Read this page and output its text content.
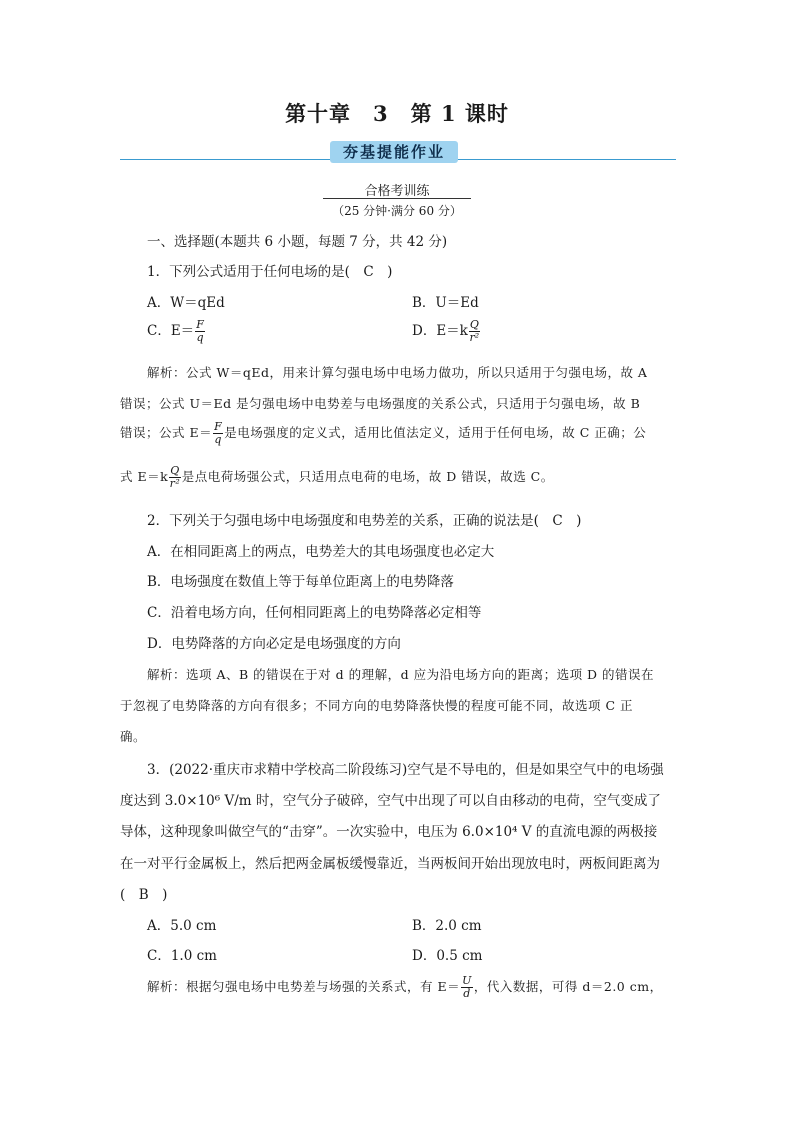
第十章　3　第 1 课时
夯基提能作业
合格考训练
（25 分钟·满分 60 分）
一、选择题(本题共 6 小题，每题 7 分，共 42 分)
1．下列公式适用于任何电场的是(　C　)
A．W＝qEd	B．U＝Ed
C．$E= \frac{F}{q}$	D．$E=k \frac{Q}{\text{r²}}$
解析：公式 W＝qEd，用来计算匀强电场中电场力做功，所以只适用于匀强电场，故 A
错误；公式 U＝Ed 是匀强电场中电势差与电场强度的关系公式，只适用于匀强电场，故 B
错误；公式 $E= \frac{F}{q}$ 是电场强度的定义式，适用比值法定义，适用于任何电场，故 C 正确；公
式 $E=k \frac{Q}{\text{r²}}$ 是点电荷场强公式，只适用点电荷的电场，故 D 错误，故选 C。
2．下列关于匀强电场中电场强度和电势差的关系，正确的说法是(　C　)
A．在相同距离上的两点，电势差大的其电场强度也必定大
B．电场强度在数值上等于每单位距离上的电势降落
C．沿着电场方向，任何相同距离上的电势降落必定相等
D．电势降落的方向必定是电场强度的方向
解析：选项 A、B 的错误在于对 d 的理解，d 应为沿电场方向的距离；选项 D 的错误在
于忽视了电势降落的方向有很多；不同方向的电势降落快慢的程度可能不同，故选项 C 正
确。
3．(2022·重庆市求精中学校高二阶段练习)空气是不导电的，但是如果空气中的电场强
度达到 3.0×10⁶ V/m 时，空气分子破碎，空气中出现了可以自由移动的电荷，空气变成了
导体，这种现象叫做空气的“击穿”。一次实验中，电压为 6.0×10⁴ V 的直流电源的两极接
在一对平行金属板上，然后把两金属板缓慢靠近，当两板间开始出现放电时，两板间距离为
(　B　)
A．5.0 cm	B．2.0 cm
C．1.0 cm	D．0.5 cm
解析：根据匀强电场中电势差与场强的关系式，有 $E= \frac{U}{d}$ ，代入数据，可得 d＝2.0 cm，
